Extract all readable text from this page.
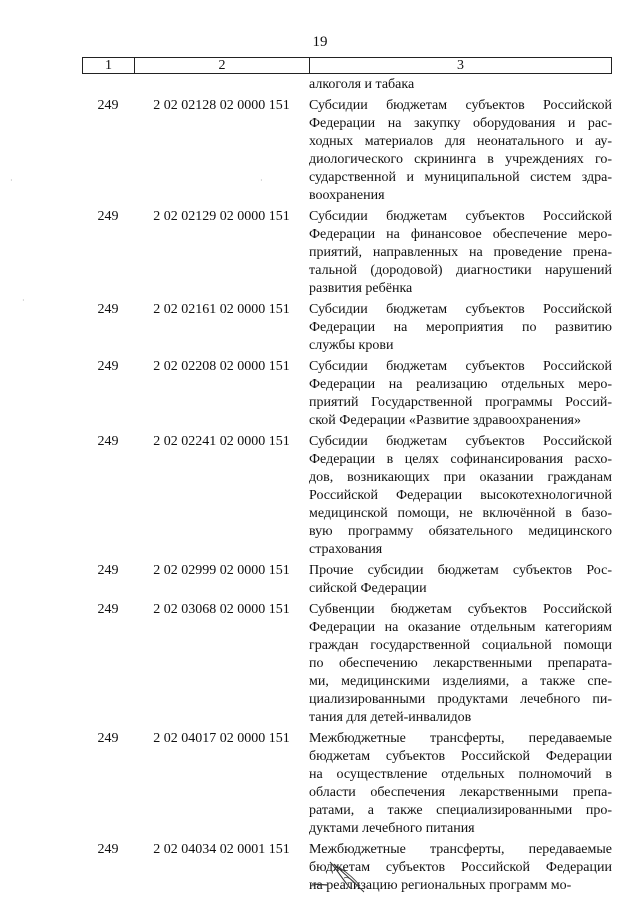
19
1	2	3
алкоголя и табака
249	2 02 02128 02 0000 151	Субсидии бюджетам субъектов Российской
Федерации на закупку оборудования и рас-
ходных материалов для неонатального и ау-
диологического скрининга в учреждениях го-
сударственной и муниципальной систем здра-
воохранения
249	2 02 02129 02 0000 151	Субсидии бюджетам субъектов Российской
Федерации на финансовое обеспечение меро-
приятий, направленных на проведение прена-
тальной (дородовой) диагностики нарушений
развития ребёнка
249	2 02 02161 02 0000 151	Субсидии бюджетам субъектов Российской
Федерации на мероприятия по развитию
службы крови
249	2 02 02208 02 0000 151	Субсидии бюджетам субъектов Российской
Федерации на реализацию отдельных меро-
приятий Государственной программы Россий-
ской Федерации «Развитие здравоохранения»
249	2 02 02241 02 0000 151	Субсидии бюджетам субъектов Российской
Федерации в целях софинансирования расхо-
дов, возникающих при оказании гражданам
Российской Федерации высокотехнологичной
медицинской помощи, не включённой в базо-
вую программу обязательного медицинского
страхования
249	2 02 02999 02 0000 151	Прочие субсидии бюджетам субъектов Рос-
сийской Федерации
249	2 02 03068 02 0000 151	Субвенции бюджетам субъектов Российской
Федерации на оказание отдельным категориям
граждан государственной социальной помощи
по обеспечению лекарственными препарата-
ми, медицинскими изделиями, а также спе-
циализированными продуктами лечебного пи-
тания для детей-инвалидов
249	2 02 04017 02 0000 151	Межбюджетные трансферты, передаваемые
бюджетам субъектов Российской Федерации
на осуществление отдельных полномочий в
области обеспечения лекарственными препа-
ратами, а также специализированными про-
дуктами лечебного питания
249	2 02 04034 02 0001 151	Межбюджетные трансферты, передаваемые
бюджетам субъектов Российской Федерации
на реализацию региональных программ мо-
·
·
·
